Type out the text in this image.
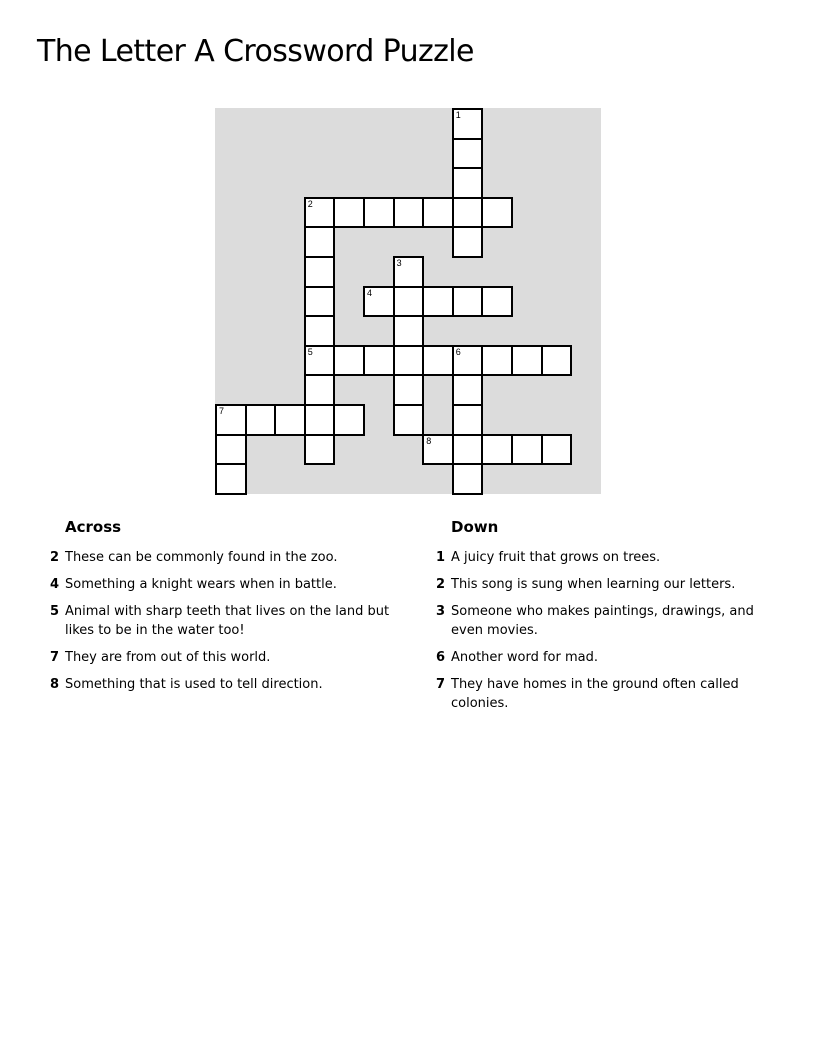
The Letter A Crossword Puzzle
1
2
3
4
5	6
7
8
Across
2 These can be commonly found in the zoo.
4 Something a knight wears when in battle.
5 Animal with sharp teeth that lives on the land but likes to be in the water too!
7 They are from out of this world.
8 Something that is used to tell direction.
Down
1 A juicy fruit that grows on trees.
2 This song is sung when learning our letters.
3 Someone who makes paintings, drawings, and even movies.
6 Another word for mad.
7 They have homes in the ground often called colonies.
